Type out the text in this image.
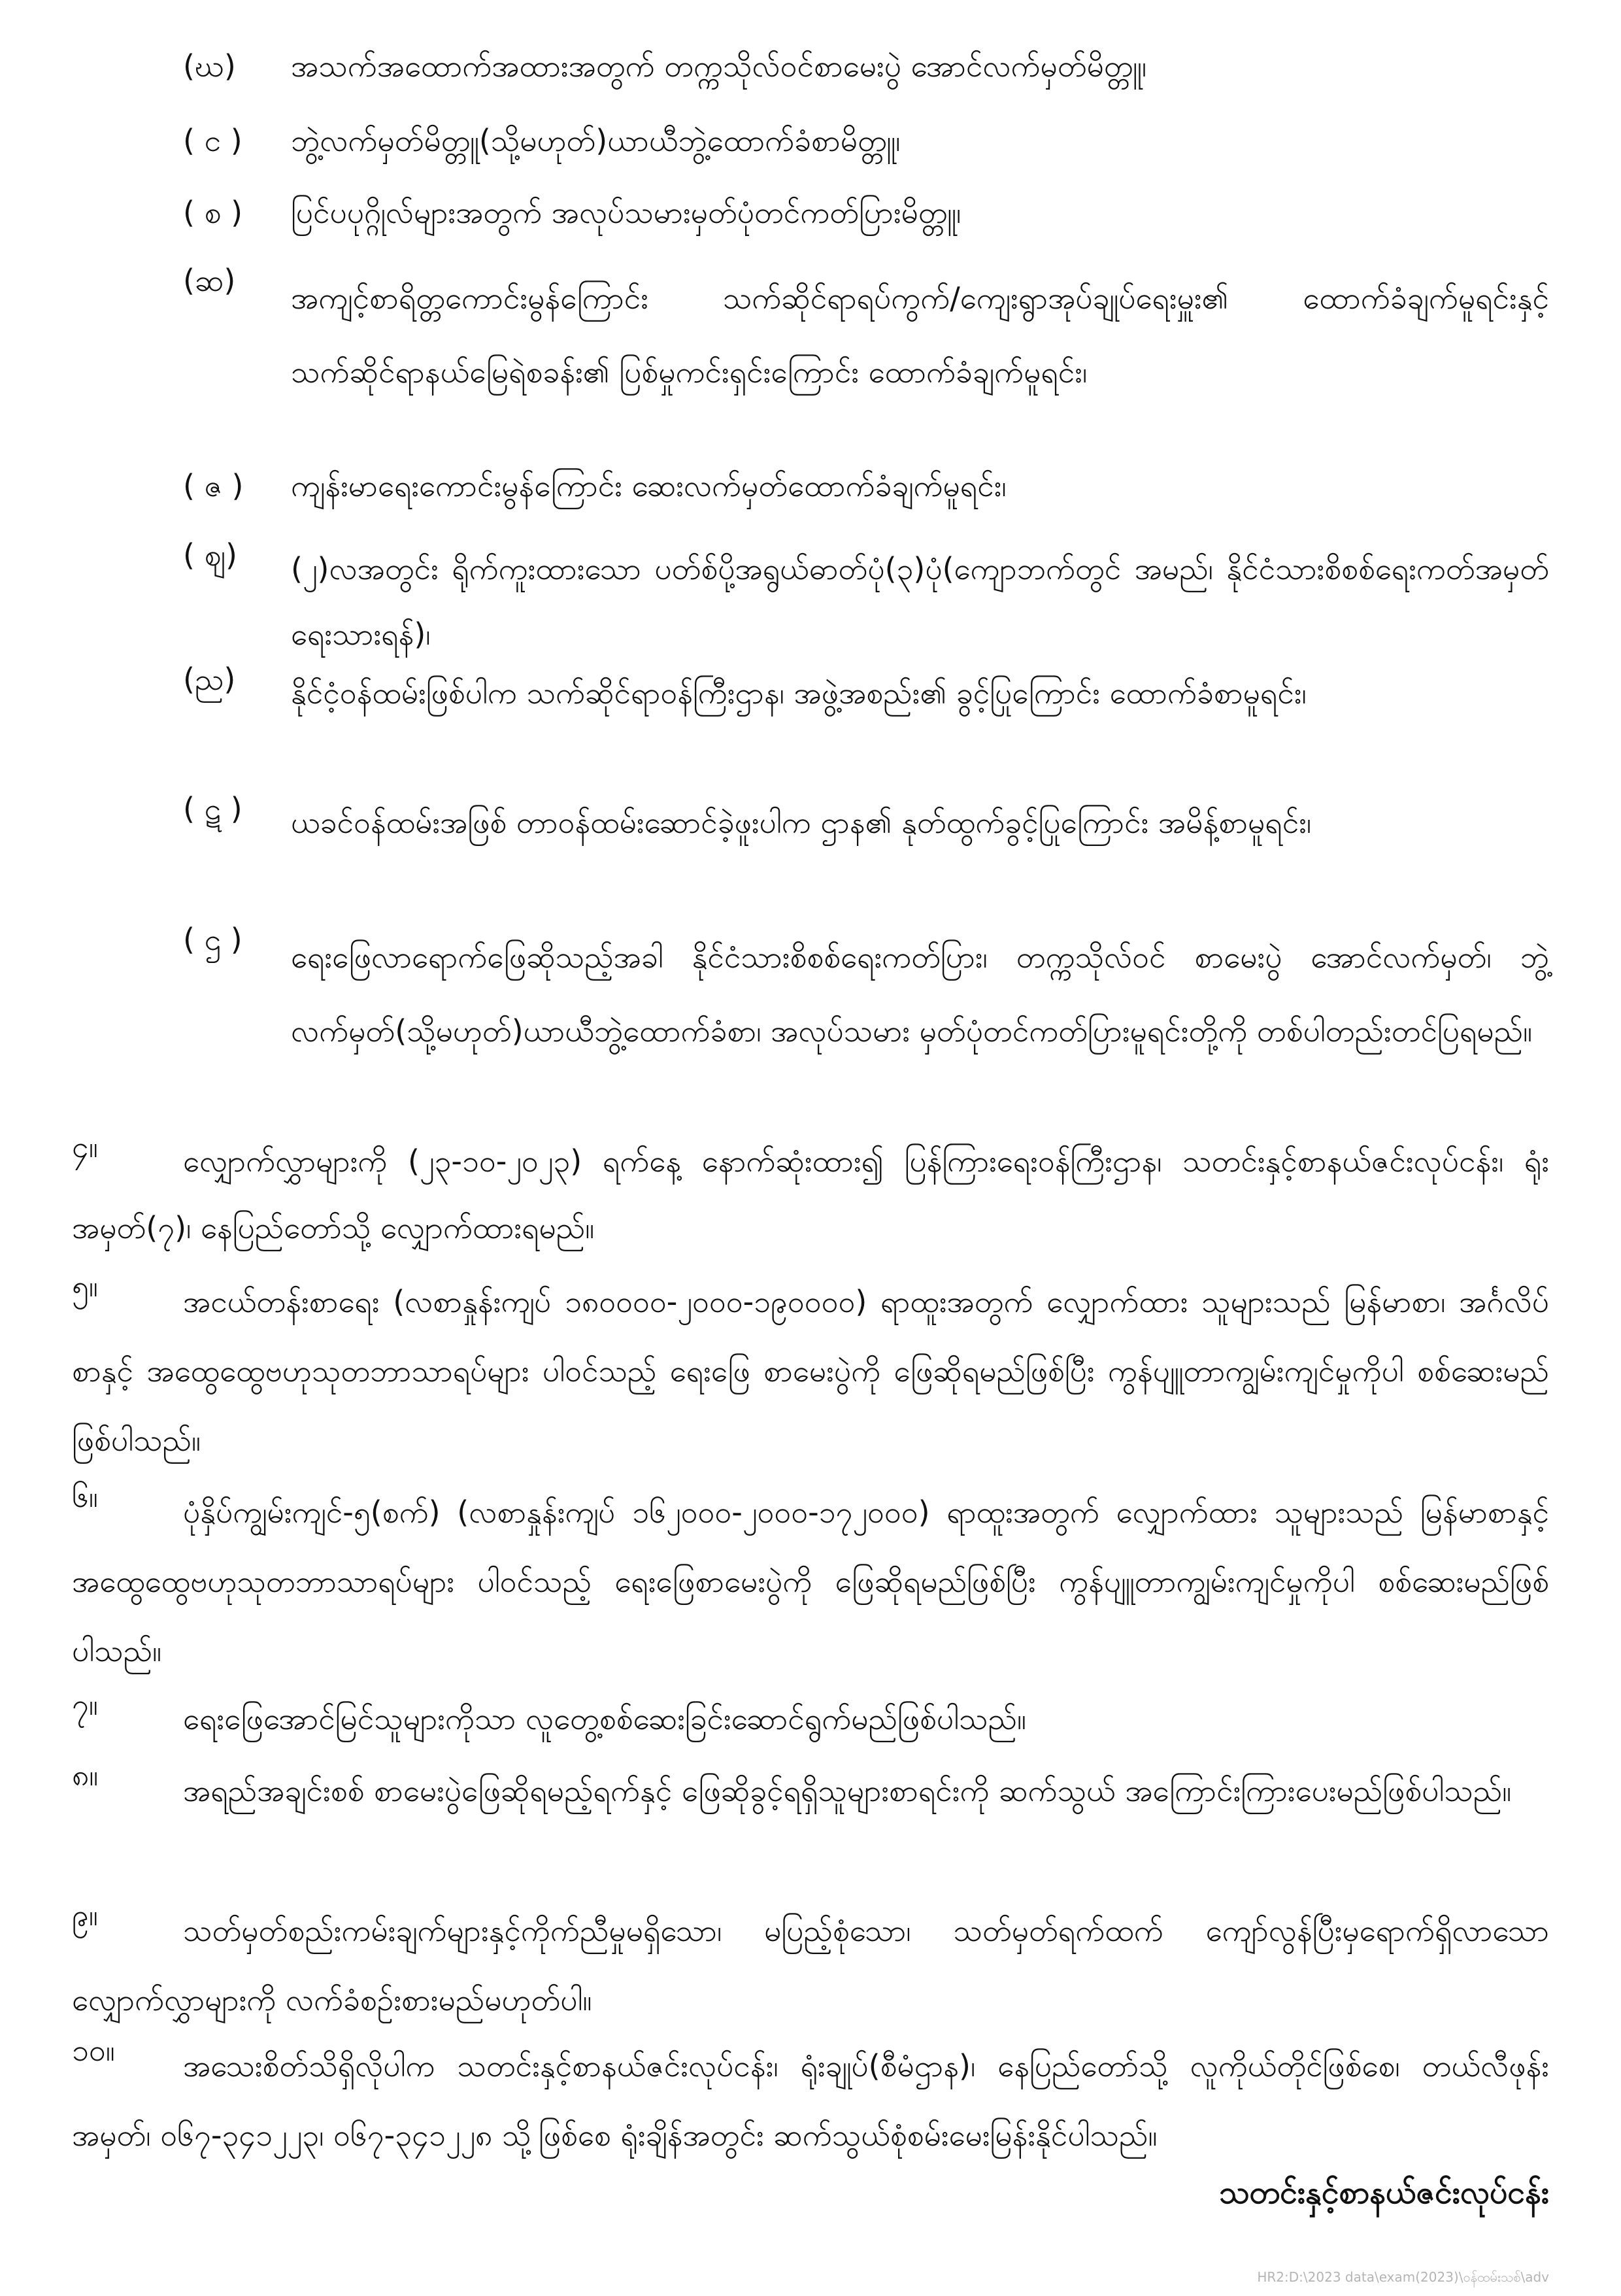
(ဃ) အသက်အထောက်အထားအတွက် တက္ကသိုလ်ဝင်စာမေးပွဲ အောင်လက်မှတ်မိတ္တူ၊

( င ) ဘွဲ့လက်မှတ်မိတ္တူ(သို့မဟုတ်)ယာယီဘွဲ့ထောက်ခံစာမိတ္တူ၊

( စ ) ပြင်ပပုဂ္ဂိုလ်များအတွက် အလုပ်သမားမှတ်ပုံတင်ကတ်ပြားမိတ္တူ၊

(ဆ) အကျင့်စာရိတ္တကောင်းမွန်ကြောင်း သက်ဆိုင်ရာရပ်ကွက်/ကျေးရွာအုပ်ချုပ်ရေးမှူး၏ ထောက်ခံချက်မူရင်းနှင့် သက်ဆိုင်ရာနယ်မြေရဲစခန်း၏ ပြစ်မှုကင်းရှင်းကြောင်း ထောက်ခံချက်မူရင်း၊

( ဇ ) ကျန်းမာရေးကောင်းမွန်ကြောင်း ဆေးလက်မှတ်ထောက်ခံချက်မူရင်း၊

( ဈ) (၂)လအတွင်း ရိုက်ကူးထားသော ပတ်စ်ပို့အရွယ်ဓာတ်ပုံ(၃)ပုံ(ကျောဘက်တွင် အမည်၊ နိုင်ငံသားစိစစ်ရေးကတ်အမှတ်ရေးသားရန်)၊

(ည) နိုင်ငံ့ဝန်ထမ်းဖြစ်ပါက သက်ဆိုင်ရာဝန်ကြီးဌာန၊ အဖွဲ့အစည်း၏ ခွင့်ပြုကြောင်း ထောက်ခံစာမူရင်း၊

( ဋ ) ယခင်ဝန်ထမ်းအဖြစ် တာဝန်ထမ်းဆောင်ခဲ့ဖူးပါက ဌာန၏ နုတ်ထွက်ခွင့်ပြုကြောင်း အမိန့်စာမူရင်း၊

( ဌ ) ရေးဖြေလာရောက်ဖြေဆိုသည့်အခါ နိုင်ငံသားစိစစ်ရေးကတ်ပြား၊ တက္ကသိုလ်ဝင် စာမေးပွဲ အောင်လက်မှတ်၊ ဘွဲ့လက်မှတ်(သို့မဟုတ်)ယာယီဘွဲ့ထောက်ခံစာ၊ အလုပ်သမား မှတ်ပုံတင်ကတ်ပြားမူရင်းတို့ကို တစ်ပါတည်းတင်ပြရမည်။

လျှောက်လွှာများကို (၂၃-၁၀-၂၀၂၃) ရက်နေ့ နောက်ဆုံးထား၍ ပြန်ကြားရေးဝန်ကြီးဌာန၊ သတင်းနှင့်စာနယ်ဇင်းလုပ်ငန်း၊ ရုံးအမှတ်(၇)၊ နေပြည်တော်သို့ လျှောက်ထားရမည်။

၄။

အငယ်တန်းစာရေး (လစာနှုန်းကျပ် ၁၈၀၀၀၀-၂၀၀၀-၁၉၀၀၀၀) ရာထူးအတွက် လျှောက်ထား သူများသည် မြန်မာစာ၊ အင်္ဂလိပ်စာနှင့် အထွေထွေဗဟုသုတဘာသာရပ်များ ပါဝင်သည့် ရေးဖြေ စာမေးပွဲကို ဖြေဆိုရမည်ဖြစ်ပြီး ကွန်ပျူတာကျွမ်းကျင်မှုကိုပါ စစ်ဆေးမည်ဖြစ်ပါသည်။

၅။

ပုံနှိပ်ကျွမ်းကျင်-၅(စက်) (လစာနှုန်းကျပ် ၁၆၂၀၀၀-၂၀၀၀-၁၇၂၀၀၀) ရာထူးအတွက် လျှောက်ထား သူများသည် မြန်မာစာနှင့် အထွေထွေဗဟုသုတဘာသာရပ်များ ပါဝင်သည့် ရေးဖြေစာမေးပွဲကို ဖြေဆိုရမည်ဖြစ်ပြီး ကွန်ပျူတာကျွမ်းကျင်မှုကိုပါ စစ်ဆေးမည်ဖြစ်ပါသည်။

၆။

ရေးဖြေအောင်မြင်သူများကိုသာ လူတွေ့စစ်ဆေးခြင်းဆောင်ရွက်မည်ဖြစ်ပါသည်။

၇။

အရည်အချင်းစစ် စာမေးပွဲဖြေဆိုရမည့်ရက်နှင့် ဖြေဆိုခွင့်ရရှိသူများစာရင်းကို ဆက်သွယ် အကြောင်းကြားပေးမည်ဖြစ်ပါသည်။

၈။

သတ်မှတ်စည်းကမ်းချက်များနှင့်ကိုက်ညီမှုမရှိသော၊ မပြည့်စုံသော၊ သတ်မှတ်ရက်ထက် ကျော်လွန်ပြီးမှရောက်ရှိလာသော လျှောက်လွှာများကို လက်ခံစဉ်းစားမည်မဟုတ်ပါ။

၉။

အသေးစိတ်သိရှိလိုပါက သတင်းနှင့်စာနယ်ဇင်းလုပ်ငန်း၊ ရုံးချုပ်(စီမံဌာန)၊ နေပြည်တော်သို့ လူကိုယ်တိုင်ဖြစ်စေ၊ တယ်လီဖုန်းအမှတ်၊ ၀၆၇-၃၄၁၂၂၃၊ ၀၆၇-၃၄၁၂၂၈ သို့ဖြစ်စေ ရုံးချိန်အတွင်း ဆက်သွယ်စုံစမ်းမေးမြန်းနိုင်ပါသည်။

၁၀။
သတင်းနှင့်စာနယ်ဇင်းလုပ်ငန်း
HR2:D:\2023 data\exam(2023)\ဝန်ထမ်းသစ်\adv
